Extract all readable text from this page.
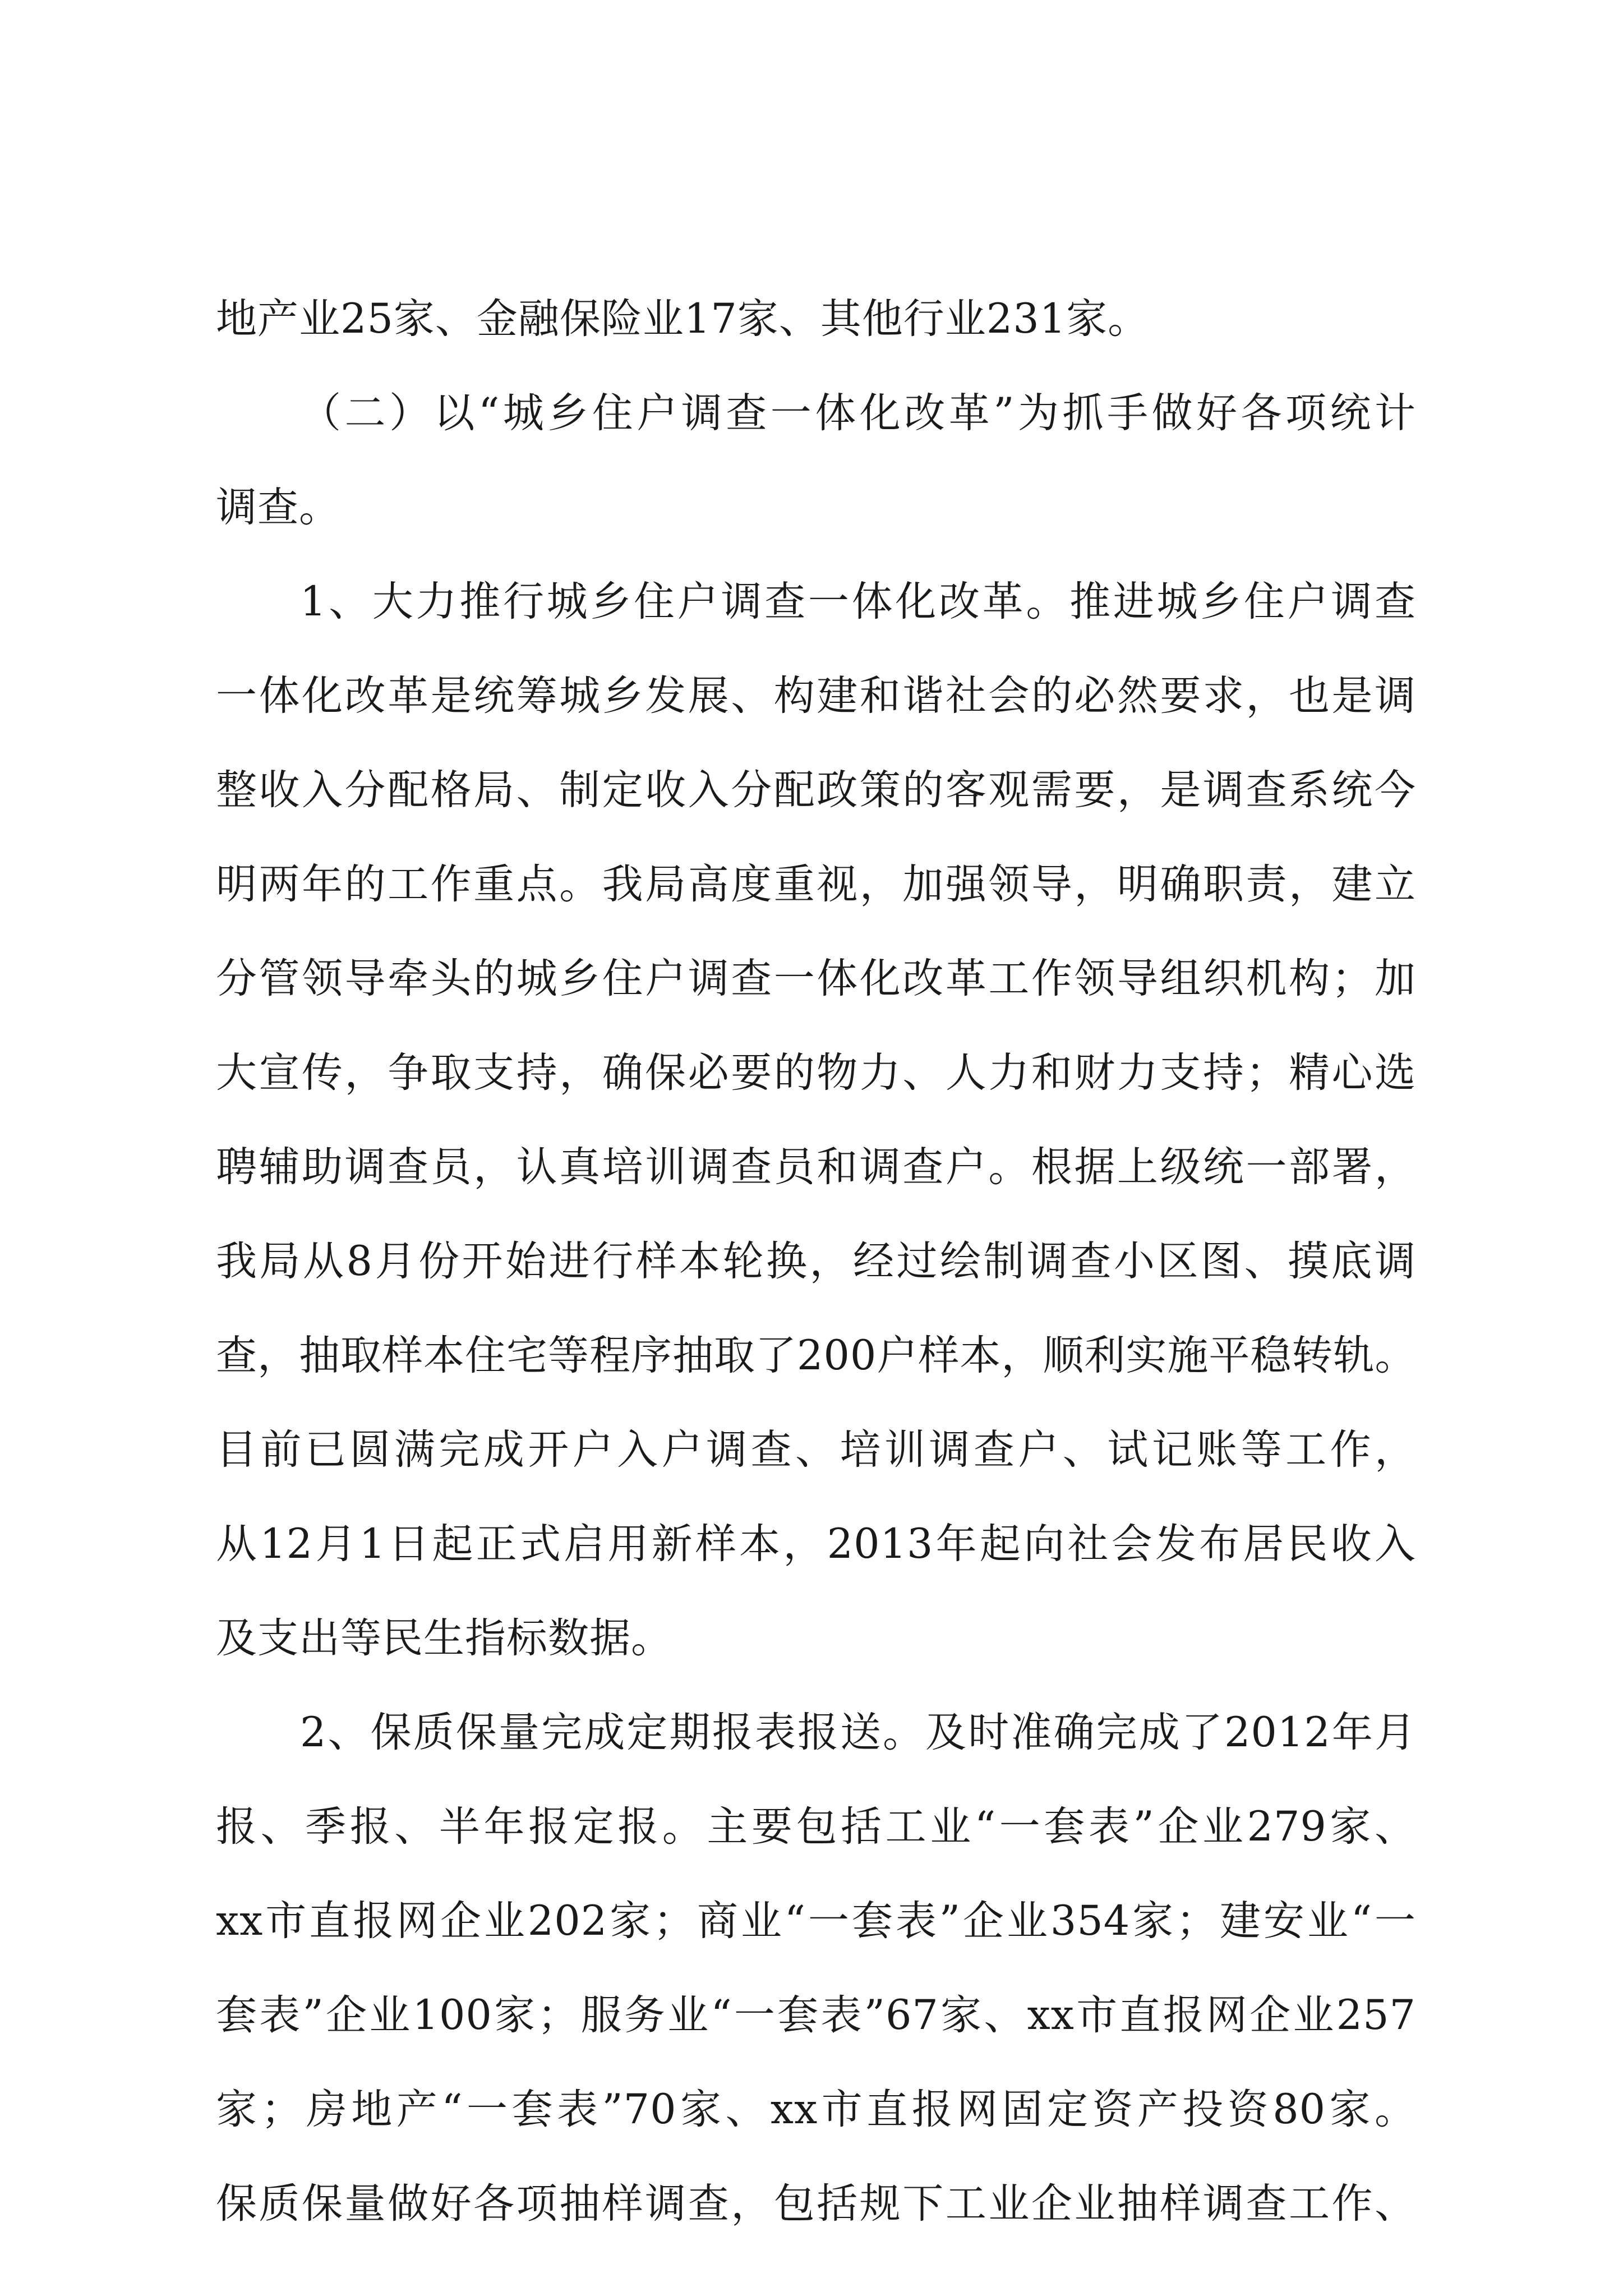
地产业25家、金融保险业17家、其他行业231家。
（二）以“城乡住户调查一体化改革”为抓手做好各项统计
调查。
1、大力推行城乡住户调查一体化改革。推进城乡住户调查
一体化改革是统筹城乡发展、构建和谐社会的必然要求，也是调
整收入分配格局、制定收入分配政策的客观需要，是调查系统今
明两年的工作重点。我局高度重视，加强领导，明确职责，建立
分管领导牵头的城乡住户调查一体化改革工作领导组织机构；加
大宣传，争取支持，确保必要的物力、人力和财力支持；精心选
聘辅助调查员，认真培训调查员和调查户。根据上级统一部署，
我局从8月份开始进行样本轮换，经过绘制调查小区图、摸底调
查，抽取样本住宅等程序抽取了200户样本，顺利实施平稳转轨。
目前已圆满完成开户入户调查、培训调查户、试记账等工作，
从12月1日起正式启用新样本，2013年起向社会发布居民收入
及支出等民生指标数据。
2、保质保量完成定期报表报送。及时准确完成了2012年月
报、季报、半年报定报。主要包括工业“一套表”企业279家、
xx市直报网企业202家；商业“一套表”企业354家；建安业“一
套表”企业100家；服务业“一套表”67家、xx市直报网企业257
家；房地产“一套表”70家、xx市直报网固定资产投资80家。
保质保量做好各项抽样调查，包括规下工业企业抽样调查工作、
